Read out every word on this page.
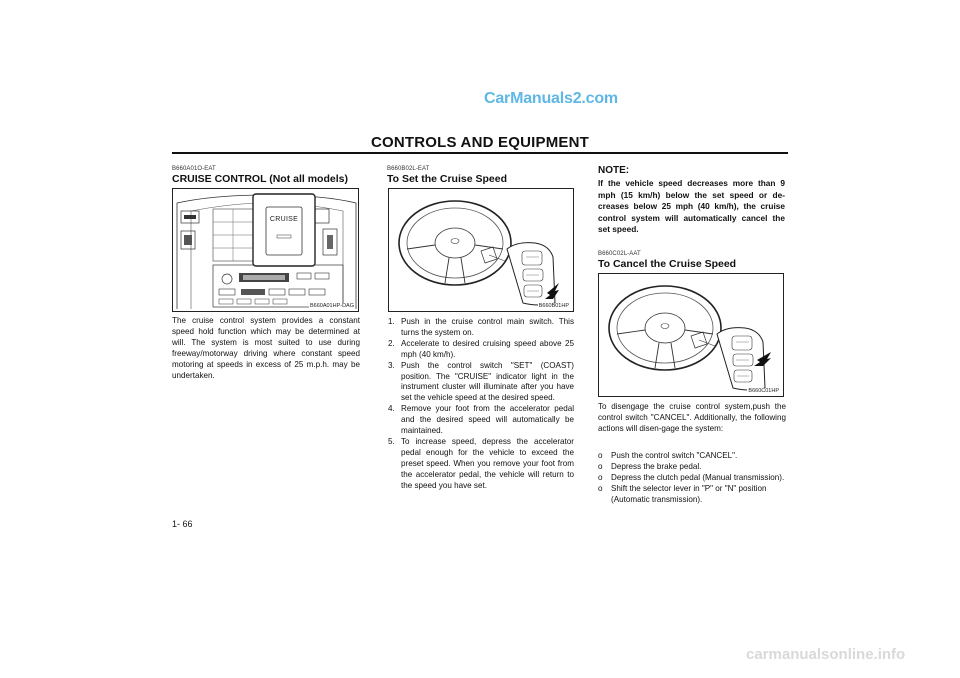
CarManuals2.com
carmanualsonline.info
CONTROLS AND EQUIPMENT
B660A01O-EAT
CRUISE CONTROL (Not all models)
CRUISE
B660A01HP-DAG
The cruise control system provides a constant speed hold function which may be determined at will. The system is most suited to use during freeway/motorway driving where constant speed motoring at speeds in excess of 25 m.p.h. may be undertaken.
B660B02L-EAT
To Set the Cruise Speed
B660B01HP
1. Push in the cruise control main switch. This turns the system on.
2. Accelerate to desired cruising speed above 25 mph (40 km/h).
3. Push the control switch "SET" (COAST) position. The "CRUISE" indicator light in the instrument cluster will illuminate after you have set the vehicle speed at the desired speed.
4. Remove your foot from the accelerator pedal and the desired speed will automatically be maintained.
5. To increase speed, depress the accelerator pedal enough for the vehicle to exceed the preset speed. When you remove your foot from the accelerator pedal, the vehicle will return to the speed you have set.
NOTE:
If the vehicle speed decreases more than 9 mph (15 km/h) below the set speed or de-creases below 25 mph (40 km/h), the cruise control system will automatically cancel the set speed.
B660C02L-AAT
To Cancel the Cruise Speed
B660C01HP
To disengage the cruise control system,push the control switch "CANCEL". Additionally, the following actions will disen-gage the system:
o Push the control switch "CANCEL".
o Depress the brake pedal.
o Depress the clutch pedal (Manual transmission).
o Shift the selector lever in "P" or "N" position (Automatic transmission).
1- 66
